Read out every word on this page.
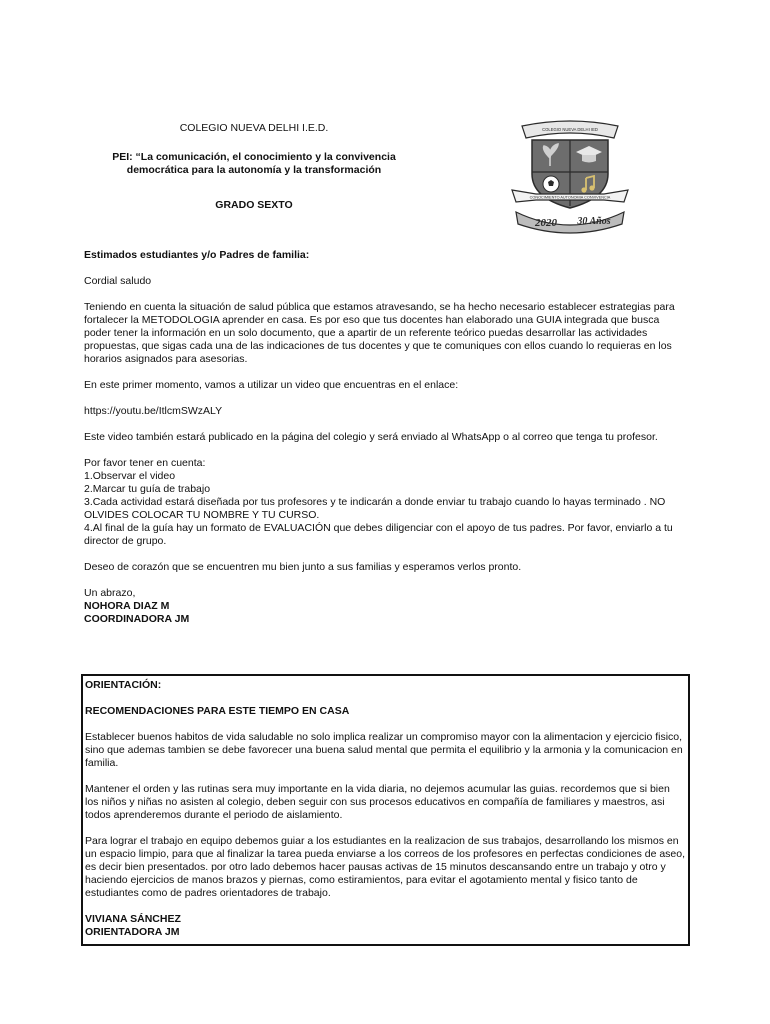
COLEGIO NUEVA DELHI I.E.D.

PEI: “La comunicación, el conocimiento y la convivencia
democrática para la autonomía y la transformación

GRADO SEXTO

COLEGIO NUEVA DELHI IED
CONOCIMIENTO AUTONOMIA CONVIVENCIA
2020 30 Años

Estimados estudiantes y/o Padres de familia:

Cordial saludo

Teniendo en cuenta la situación de salud pública que estamos atravesando, se ha hecho necesario establecer estrategias para fortalecer la METODOLOGIA aprender en casa. Es por eso que tus docentes han elaborado una GUIA integrada que busca poder tener la información en un solo documento, que a apartir de un referente teórico puedas desarrollar las actividades propuestas, que sigas cada una de las indicaciones de tus docentes y que te comuniques con ellos cuando lo requieras en los horarios asignados para asesorias.

En este primer momento, vamos a utilizar un video que encuentras en el enlace:

https://youtu.be/ItlcmSWzALY

Este video también estará publicado en la página del colegio y será enviado al WhatsApp o al correo que tenga tu profesor.

Por favor tener en cuenta:

1.Observar el video
2.Marcar tu guía de trabajo
3.Cada actividad estará diseñada por tus profesores y te indicarán a donde enviar tu trabajo cuando lo hayas terminado . NO OLVIDES COLOCAR TU NOMBRE Y TU CURSO.
4.Al final de la guía hay un formato de EVALUACIÓN que debes diligenciar con el apoyo de tus padres. Por favor, enviarlo a tu director de grupo.

Deseo de corazón que se encuentren mu bien junto a sus familias y esperamos verlos pronto.

Un abrazo,
NOHORA DIAZ M
COORDINADORA JM

ORIENTACIÓN:

RECOMENDACIONES PARA ESTE TIEMPO EN CASA

Establecer buenos habitos de vida saludable no solo implica realizar un compromiso mayor con la alimentacion y ejercicio fisico, sino que ademas tambien se debe favorecer una buena salud mental que permita el equilibrio y la armonia y la comunicacion en familia.

Mantener el orden y las rutinas sera muy importante en la vida diaria, no dejemos acumular las guias. recordemos que si bien los niños y niñas no asisten al colegio, deben seguir con sus procesos educativos en compañía de familiares y maestros, asi todos aprenderemos durante el periodo de aislamiento.

Para lograr el trabajo en equipo debemos guiar a los estudiantes en la realizacion de sus trabajos, desarrollando los mismos en un espacio limpio, para que al finalizar la tarea pueda enviarse a los correos de los profesores en perfectas condiciones de aseo, es decir bien presentados. por otro lado debemos hacer pausas activas de 15 minutos descansando entre un trabajo y otro y haciendo ejercicios de manos brazos y piernas, como estiramientos, para evitar el agotamiento mental y fisico tanto de estudiantes como de padres orientadores de trabajo.

VIVIANA SÁNCHEZ
ORIENTADORA JM
